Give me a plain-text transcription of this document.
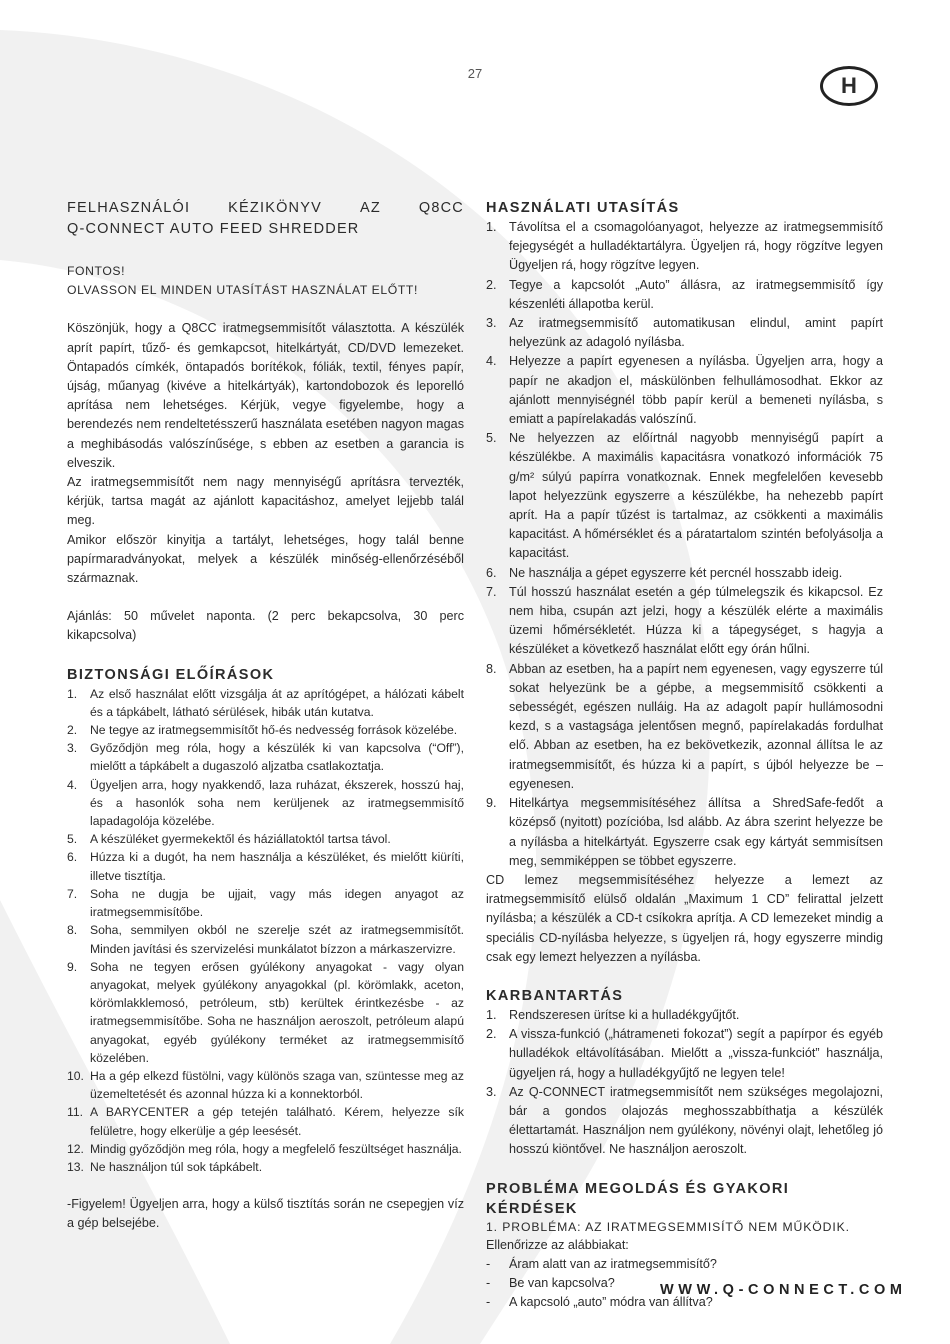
27	H
FELHASZNÁLÓI	KÉZIKÖNYV	AZ	Q8CC
Q-CONNECT AUTO FEED SHREDDER

FONTOS!

OLVASSON EL MINDEN UTASÍTÁST HASZNÁLAT ELŐTT!

Köszönjük, hogy a Q8CC iratmegsemmisítőt választotta. A készülék aprít papírt, tűző- és gemkapcsot, hitelkártyát, CD/DVD lemezeket. Öntapadós címkék, öntapadós borítékok, fóliák, textil, fényes papír, újság, műanyag (kivéve a hitelkártyák), kartondobozok és leporelló aprítása nem lehetséges. Kérjük, vegye figyelembe, hogy a berendezés nem rendeltetésszerű használata esetében nagyon magas a meghibásodás valószínűsége, s ebben az esetben a garancia is elveszik.

Az iratmegsemmisítőt nem nagy mennyiségű aprításra tervezték, kérjük, tartsa magát az ajánlott kapacitáshoz, amelyet lejjebb talál meg.

Amikor először kinyitja a tartályt, lehetséges, hogy talál benne papírmaradványokat, melyek a készülék minőség-ellenőrzéséből származnak.

Ajánlás: 50 művelet naponta. (2 perc bekapcsolva, 30 perc kikapcsolva)

BIZTONSÁGI ELŐÍRÁSOK
1. Az első használat előtt vizsgálja át az aprítógépet, a hálózati kábelt és a tápkábelt, látható sérülések, hibák után kutatva.
2. Ne tegye az iratmegsemmisítőt hő-és nedvesség források közelébe.
3. Győződjön meg róla, hogy a készülék ki van kapcsolva (“Off”), mielőtt a tápkábelt a dugaszoló aljzatba csatlakoztatja.
4. Ügyeljen arra, hogy nyakkendő, laza ruházat, ékszerek, hosszú haj, és a hasonlók soha nem kerüljenek az iratmegsemmisítő lapadagolója közelébe.
5. A készüléket gyermekektől és háziállatoktól tartsa távol.
6. Húzza ki a dugót, ha nem használja a készüléket, és mielőtt kiüríti, illetve tisztítja.
7. Soha ne dugja be ujjait, vagy más idegen anyagot az iratmegsemmisítőbe.
8. Soha, semmilyen okból ne szerelje szét az iratmegsemmisítőt. Minden javítási és szervizelési munkálatot bízzon a márkaszervizre.
9. Soha ne tegyen erősen gyúlékony anyagokat - vagy olyan anyagokat, melyek gyúlékony anyagokkal (pl. körömlakk, aceton, körömlakklemosó, petróleum, stb) kerültek érintkezésbe - az iratmegsemmisítőbe. Soha ne használjon aeroszolt, petróleum alapú anyagokat, egyéb gyúlékony terméket az iratmegsemmisítő közelében.
10. Ha a gép elkezd füstölni, vagy különös szaga van, szüntesse meg az üzemeltetését és azonnal húzza ki a konnektorból.
11. A BARYCENTER a gép tetején található. Kérem, helyezze sík felületre, hogy elkerülje a gép leesését.
12. Mindig győződjön meg róla, hogy a megfelelő feszültséget használja.
13. Ne használjon túl sok tápkábelt.

-Figyelem! Ügyeljen arra, hogy a külső tisztítás során ne csepegjen víz a gép belsejébe.

HASZNÁLATI UTASÍTÁS
1. Távolítsa el a csomagolóanyagot, helyezze az iratmegsemmisítő fejegységét a hulladéktartályra. Ügyeljen rá, hogy rögzítve legyen Ügyeljen rá, hogy rögzítve legyen.
2. Tegye a kapcsolót „Auto” állásra, az iratmegsemmisítő így készenléti állapotba kerül.
3. Az iratmegsemmisítő automatikusan elindul, amint papírt helyezünk az adagoló nyílásba.
4. Helyezze a papírt egyenesen a nyílásba. Ügyeljen arra, hogy a papír ne akadjon el, máskülönben felhullámosodhat. Ekkor az ajánlott mennyiségnél több papír kerül a bemeneti nyílásba, s emiatt a papírelakadás valószínű.
5. Ne helyezzen az előírtnál nagyobb mennyiségű papírt a készülékbe. A maximális kapacitásra vonatkozó információk 75 g/m² súlyú papírra vonatkoznak. Ennek megfelelően kevesebb lapot helyezzünk egyszerre a készülékbe, ha nehezebb papírt aprít. Ha a papír tűzést is tartalmaz, az csökkenti a maximális kapacitást. A hőmérséklet és a páratartalom szintén befolyásolja a kapacitást.
6. Ne használja a gépet egyszerre két percnél hosszabb ideig.
7. Túl hosszú használat esetén a gép túlmelegszik és kikapcsol. Ez nem hiba, csupán azt jelzi, hogy a készülék elérte a maximális üzemi hőmérsékletét. Húzza ki a tápegységet, s hagyja a készüléket a következő használat előtt egy órán hűlni.
8. Abban az esetben, ha a papírt nem egyenesen, vagy egyszerre túl sokat helyezünk be a gépbe, a megsemmisítő csökkenti a sebességét, egészen nulláig. Ha az adagolt papír hullámosodni kezd, s a vastagsága jelentősen megnő, papírelakadás fordulhat elő. Abban az esetben, ha ez bekövetkezik, azonnal állítsa le az iratmegsemmisítőt, és húzza ki a papírt, s újból helyezze be – egyenesen.
9. Hitelkártya megsemmisítéséhez állítsa a ShredSafe-fedőt a középső (nyitott) pozícióba, lsd alább. Az ábra szerint helyezze be a nyílásba a hitelkártyát. Egyszerre csak egy kártyát semmisítsen meg, semmiképpen se többet egyszerre.

CD lemez megsemmisítéséhez helyezze a lemezt az iratmegsemmisítő elülső oldalán „Maximum 1 CD” felirattal jelzett nyílásba; a készülék a CD-t csíkokra aprítja. A CD lemezeket mindig a speciális CD-nyílásba helyezze, s ügyeljen rá, hogy egyszerre mindig csak egy lemezt helyezzen a nyílásba.

KARBANTARTÁS
1. Rendszeresen ürítse ki a hulladékgyűjtőt.
2. A vissza-funkció („hátrameneti fokozat”) segít a papírpor és egyéb hulladékok eltávolításában. Mielőtt a „vissza-funkciót” használja, ügyeljen rá, hogy a hulladékgyűjtő ne legyen tele!
3. Az Q-CONNECT iratmegsemmisítőt nem szükséges megolajozni, bár a gondos olajozás meghosszabbíthatja a készülék élettartamát. Használjon nem gyúlékony, növényi olajt, lehetőleg jó hosszú kiöntővel. Ne használjon aeroszolt.
PROBLÉMA MEGOLDÁS ÉS GYAKORI KÉRDÉSEK

1. PROBLÉMA: AZ IRATMEGSEMMISÍTŐ NEM MŰKÖDIK.

Ellenőrizze az alábbiakat:

- Áram alatt van az iratmegsemmisítő?
- Be van kapcsolva?
- A kapcsoló „auto” módra van állítva?
WWW.Q-CONNECT.COM
